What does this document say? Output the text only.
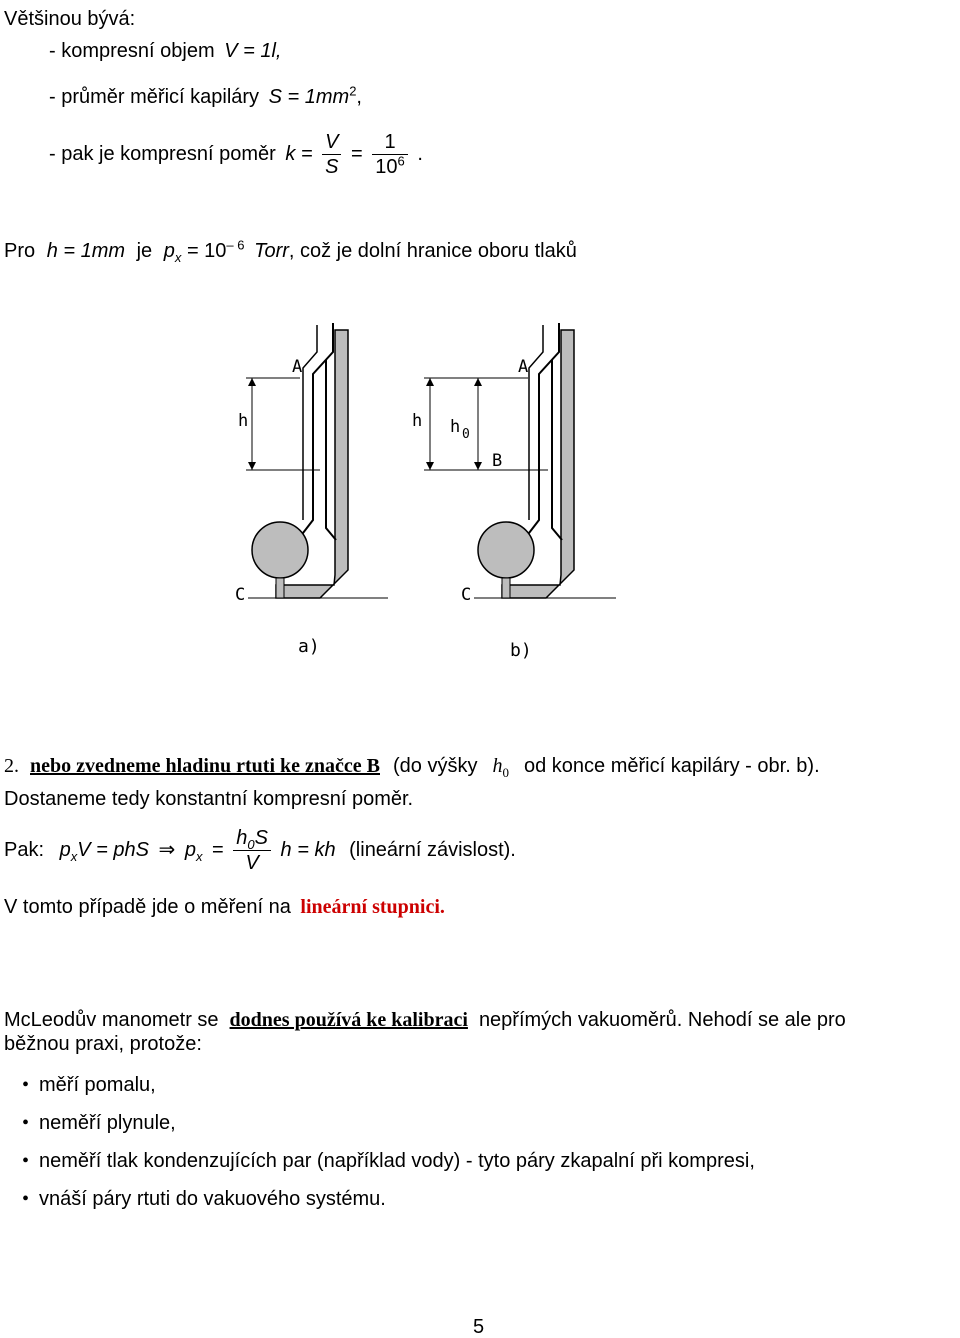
Většinou bývá:
- kompresní objem V = 1l,
- průměr měřicí kapiláry $S = 1mm^2$,
- pak je kompresní poměr $k = \frac{V}{S} = \frac{1}{10^6}$ .
Pro h = 1mm je $p_x = 10^{- 6}$ Torr, což je dolní hranice oboru tlaků
A
h
C
a)
A
h h 0
B
C
b)
2. nebo zvedneme hladinu rtuti ke značce B (do výšky $h_0$ od konce měřicí kapiláry - obr. b).
Dostaneme tedy konstantní kompresní poměr.
Pak: $p_xV$ = phS ⇒ $p_x = \frac{h_0S}{V}$ h = kh (lineární závislost).
V tomto případě jde o měření na lineární stupnici.
McLeodův manometr se dodnes používá ke kalibraci nepřímých vakuoměrů. Nehodí se ale pro
běžnou praxi, protože:
• měří pomalu,
• neměří plynule,
• neměří tlak kondenzujících par (například vody) - tyto páry zkapalní při kompresi,
• vnáší páry rtuti do vakuového systému.
5
